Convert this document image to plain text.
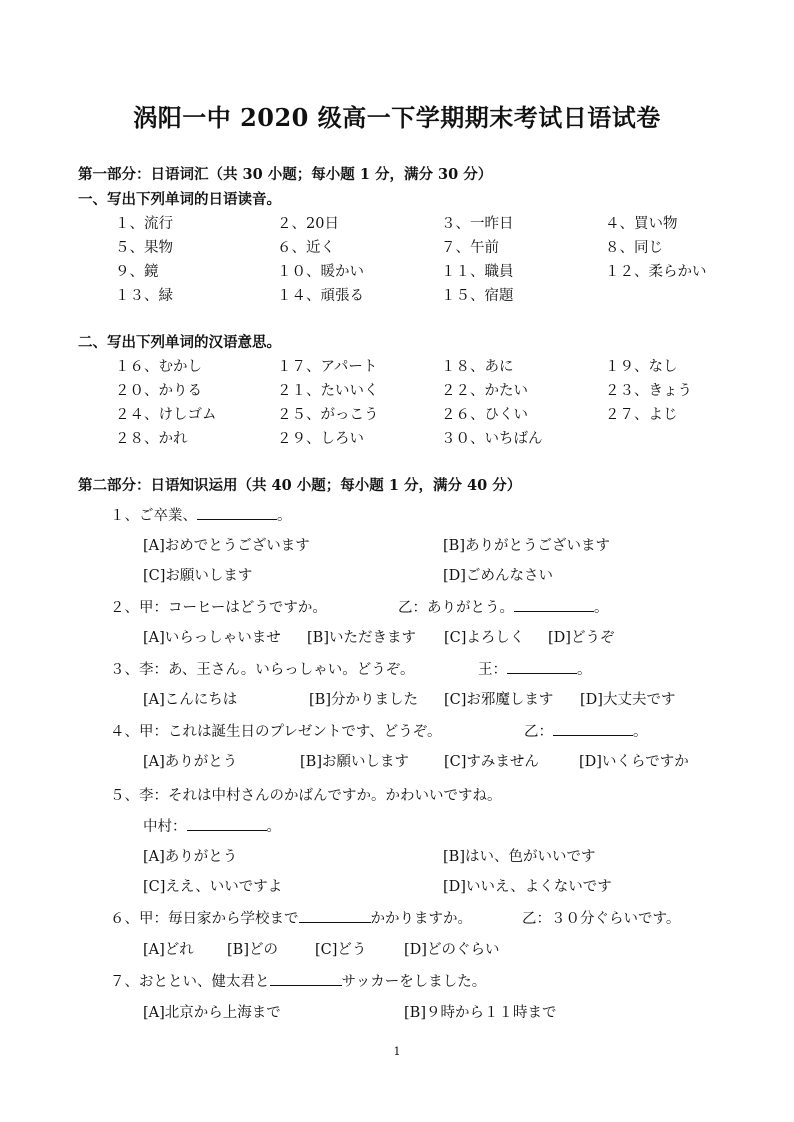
涡阳一中 2020 级高一下学期期末考试日语试卷
第一部分：日语词汇（共 30 小题；每小题 1 分，满分 30 分）
一、写出下列单词的日语读音。
１、流行	２、20日	３、一昨日	４、買い物
５、果物	６、近く	７、午前	８、同じ
９、鏡	１０、暖かい	１１、職員	１２、柔らかい
１３、緑	１４、頑張る	１５、宿題
二、写出下列单词的汉语意思。
１６、むかし	１７、アパート	１８、あに	１９、なし
２０、かりる	２１、たいいく	２２、かたい	２３、きょう
２４、けしゴム	２５、がっこう	２６、ひくい	２７、よじ
２８、かれ	２９、しろい	３０、いちばん
第二部分：日语知识运用（共 40 小题；每小题 1 分，满分 40 分）
１、ご卒業、	。
[A]おめでとうございます	[B]ありがとうございます
[C]お願いします	[D]ごめんなさい
２、甲：コーヒーはどうですか。	乙：ありがとう。	。
[A]いらっしゃいませ [B]いただきます [C]よろしく [D]どうぞ
３、李：あ、王さん。いらっしゃい。どうぞ。	王：	。
[A]こんにちは	[B]分かりました [C]お邪魔します [D]大丈夫です
４、甲：これは誕生日のプレゼントです、どうぞ。	乙：	。
[A]ありがとう	[B]お願いします [C]すみません	[D]いくらですか
５、李：それは中村さんのかばんですか。かわいいですね。
中村：	。
[A]ありがとう	[B]はい、色がいいです
[C]ええ、いいですよ	[D]いいえ、よくないです
６、甲：毎日家から学校まで	かかりますか。	乙：３０分ぐらいです。
[A]どれ [B]どの	[C]どう	[D]どのぐらい
７、おととい、健太君と	サッカーをしました。
[A]北京から上海まで	[B]９時から１１時まで
1
